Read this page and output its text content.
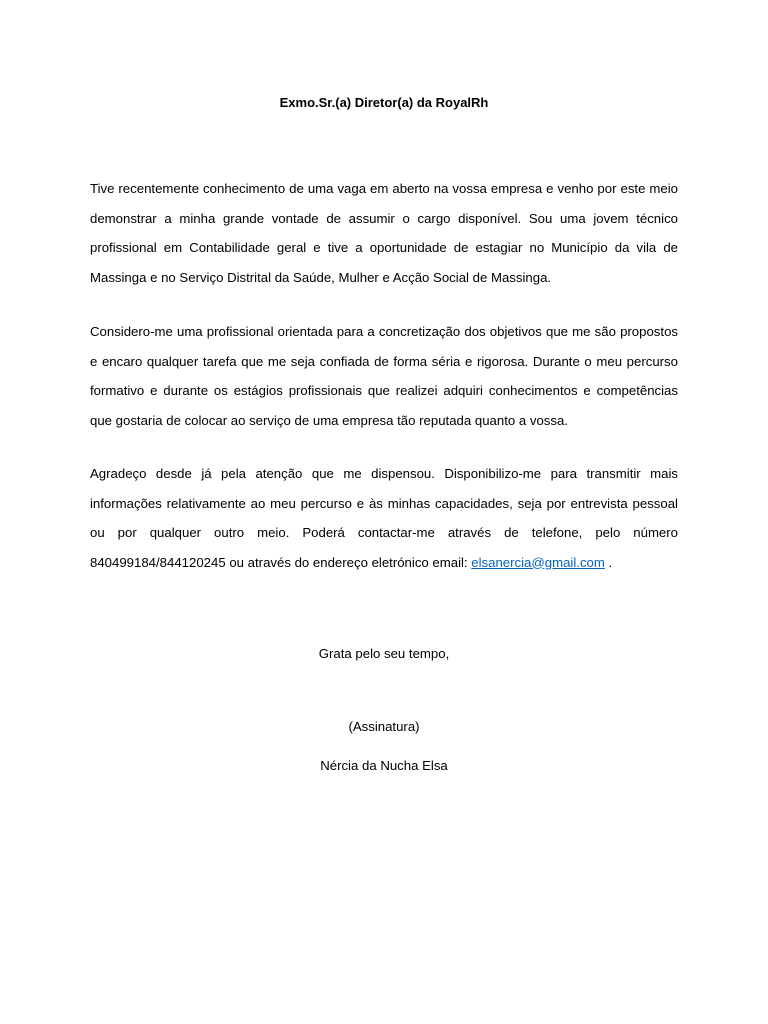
Exmo.Sr.(a) Diretor(a) da RoyalRh

Tive recentemente conhecimento de uma vaga em aberto na vossa empresa e venho por este meio demonstrar a minha grande vontade de assumir o cargo disponível. Sou uma jovem técnico profissional em Contabilidade geral e tive a oportunidade de estagiar no Município da vila de Massinga e no Serviço Distrital da Saúde, Mulher e Acção Social de Massinga.

Considero-me uma profissional orientada para a concretização dos objetivos que me são propostos e encaro qualquer tarefa que me seja confiada de forma séria e rigorosa. Durante o meu percurso formativo e durante os estágios profissionais que realizei adquiri conhecimentos e competências que gostaria de colocar ao serviço de uma empresa tão reputada quanto a vossa.

Agradeço desde já pela atenção que me dispensou. Disponibilizo-me para transmitir mais informações relativamente ao meu percurso e às minhas capacidades, seja por entrevista pessoal ou por qualquer outro meio. Poderá contactar-me através de telefone, pelo número 840499184/844120245 ou através do endereço eletrónico email: elsanercia@gmail.com .

Grata pelo seu tempo,
(Assinatura)
Nércia da Nucha Elsa
